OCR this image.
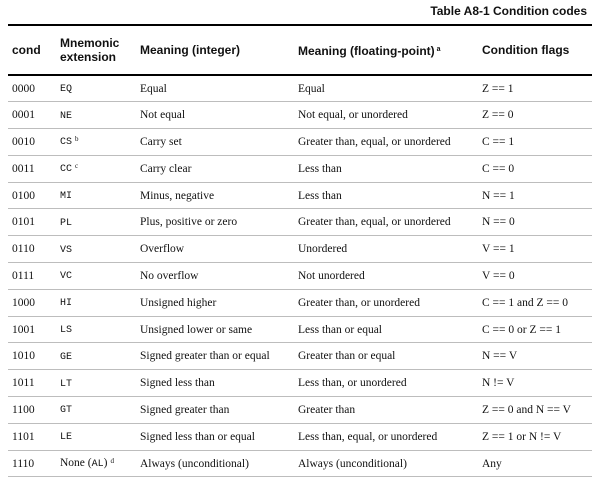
Table A8-1 Condition codes
cond	Mnemonic extension	Meaning (integer)	Meaning (floating-point) $^a$	Condition flags
0000	EQ	Equal	Equal	Z == 1
0001	NE	Not equal	Not equal, or unordered	Z == 0
0010	CS $^b$	Carry set	Greater than, equal, or unordered	C == 1
0011	CC $^c$	Carry clear	Less than	C == 0
0100	MI	Minus, negative	Less than	N == 1
0101	PL	Plus, positive or zero	Greater than, equal, or unordered	N == 0
0110	VS	Overflow	Unordered	V == 1
0111	VC	No overflow	Not unordered	V == 0
1000	HI	Unsigned higher	Greater than, or unordered	C == 1 and Z == 0
1001	LS	Unsigned lower or same	Less than or equal	C == 0 or Z == 1
1010	GE	Signed greater than or equal	Greater than or equal	N == V
1011	LT	Signed less than	Less than, or unordered	N != V
1100	GT	Signed greater than	Greater than	Z == 0 and N == V
1101	LE	Signed less than or equal	Less than, equal, or unordered	Z == 1 or N != V
1110	None (AL) $^d$	Always (unconditional)	Always (unconditional)	Any
